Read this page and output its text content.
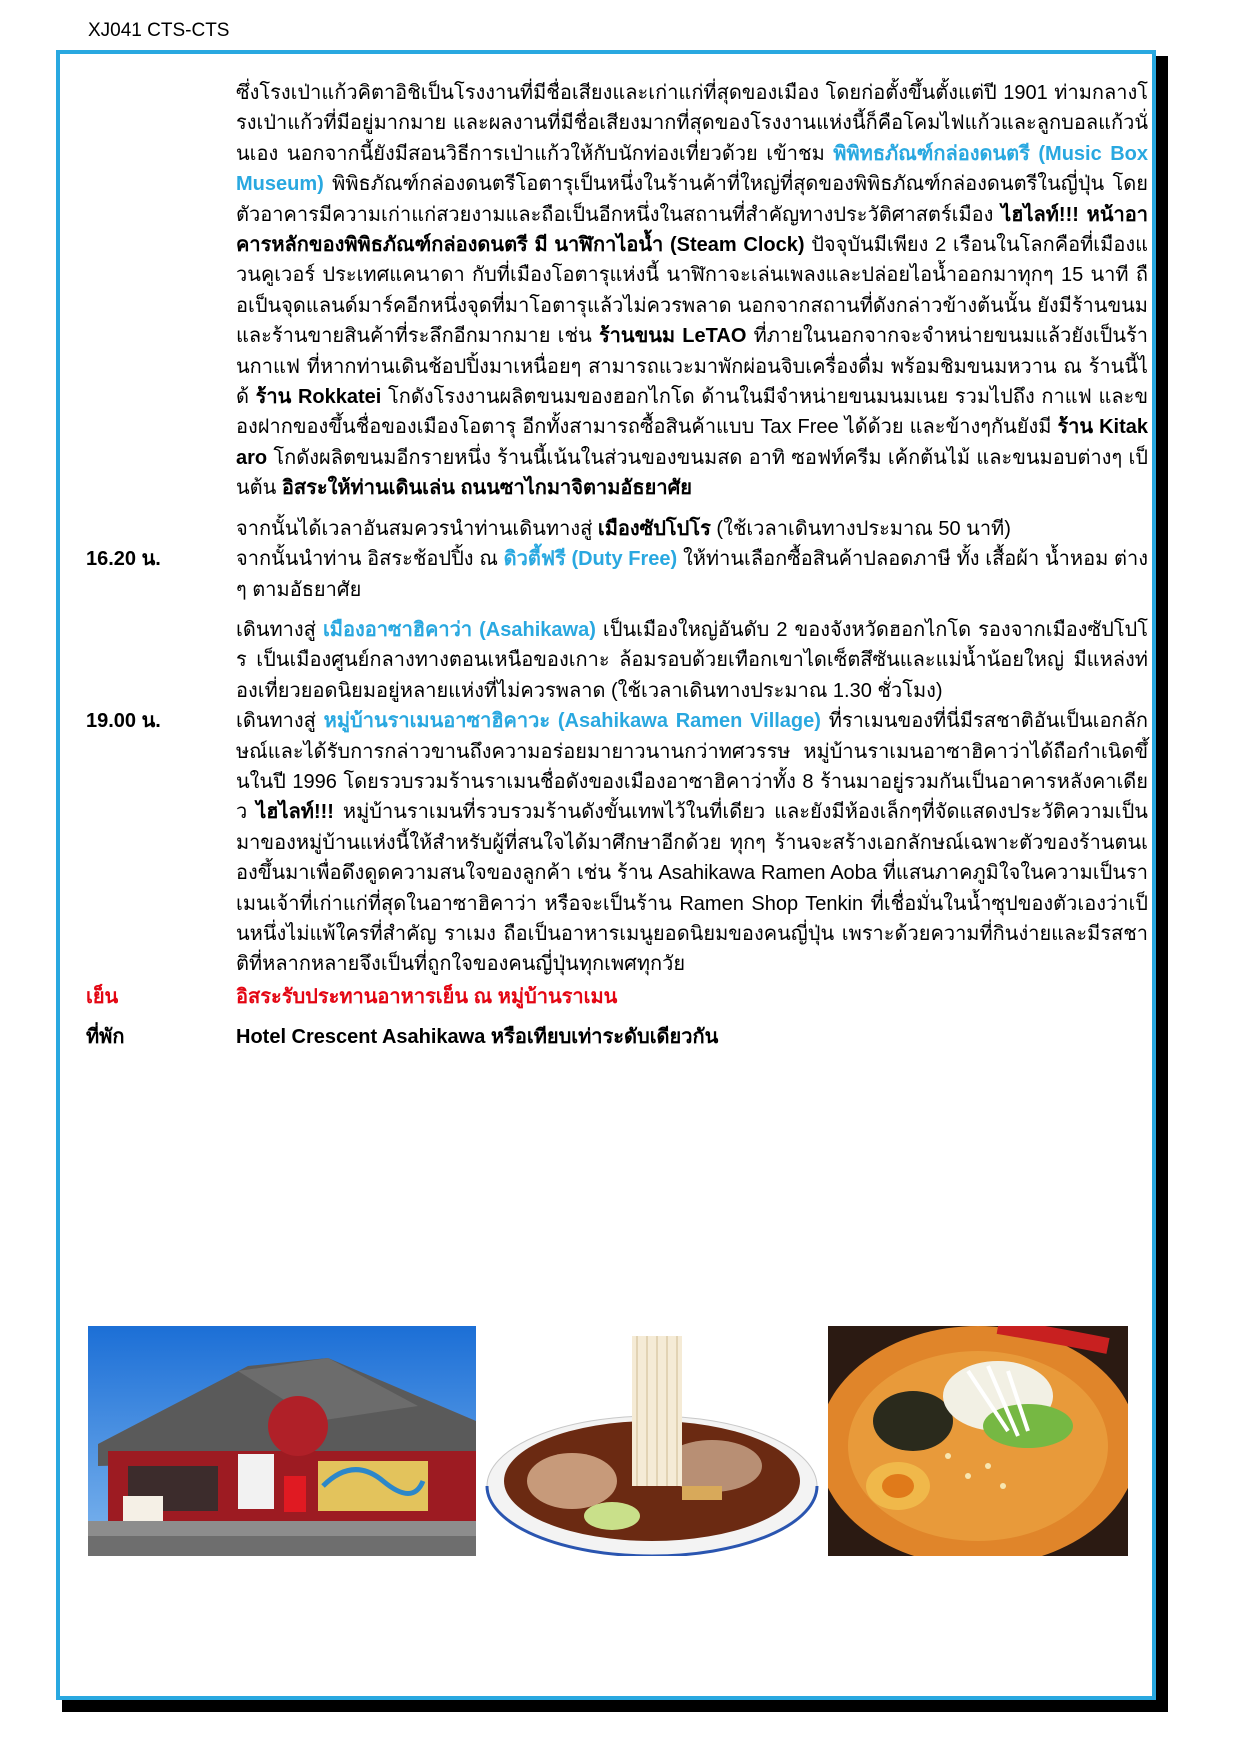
XJ041 CTS-CTS
ซึ่งโรงเป่าแก้วคิตาอิชิเป็นโรงงานที่มีชื่อเสียงและเก่าแก่ที่สุดของเมือง โดยก่อตั้งขึ้นตั้งแต่ปี 1901 ท่ามกลางโรงเป่าแก้วที่มีอยู่มากมาย และผลงานที่มีชื่อเสียงมากที่สุดของโรงงานแห่งนี้ก็คือโคมไฟแก้วและลูกบอลแก้วนั่นเอง นอกจากนี้ยังมีสอนวิธีการเป่าแก้วให้กับนักท่องเที่ยวด้วย เข้าชม พิพิทธภัณฑ์กล่องดนตรี (Music Box Museum) พิพิธภัณฑ์กล่องดนตรีโอตารุเป็นหนึ่งในร้านค้าที่ใหญ่ที่สุดของพิพิธภัณฑ์กล่องดนตรีในญี่ปุ่น โดยตัวอาคารมีความเก่าแก่สวยงามและถือเป็นอีกหนึ่งในสถานที่สำคัญทางประวัติศาสตร์เมือง ไฮไลท์!!! หน้าอาคารหลักของพิพิธภัณฑ์กล่องดนตรี มี นาฬิกาไอน้ำ (Steam Clock) ปัจจุบันมีเพียง 2 เรือนในโลกคือที่เมืองแวนคูเวอร์ ประเทศแคนาดา กับที่เมืองโอตารุแห่งนี้ นาฬิกาจะเล่นเพลงและปล่อยไอน้ำออกมาทุกๆ 15 นาที ถือเป็นจุดแลนด์มาร์คอีกหนึ่งจุดที่มาโอตารุแล้วไม่ควรพลาด นอกจากสถานที่ดังกล่าวข้างต้นนั้น ยังมีร้านขนมและร้านขายสินค้าที่ระลึกอีกมากมาย เช่น ร้านขนม LeTAO ที่ภายในนอกจากจะจำหน่ายขนมแล้วยังเป็นร้านกาแฟ ที่หากท่านเดินช้อปปิ้งมาเหนื่อยๆ สามารถแวะมาพักผ่อนจิบเครื่องดื่ม พร้อมชิมขนมหวาน ณ ร้านนี้ได้ ร้าน Rokkatei โกดังโรงงานผลิตขนมของฮอกไกโด ด้านในมีจำหน่ายขนมนมเนย รวมไปถึง กาแฟ และของฝากของขึ้นชื่อของเมืองโอตารุ อีกทั้งสามารถซื้อสินค้าแบบ Tax Free ได้ด้วย และข้างๆกันยังมี ร้าน Kitakaro โกดังผลิตขนมอีกรายหนึ่ง ร้านนี้เน้นในส่วนของขนมสด อาทิ ซอฟท์ครีม เค้กต้นไม้ และขนมอบต่างๆ เป็นต้น อิสระให้ท่านเดินเล่น ถนนซาไกมาจิตามอัธยาศัย
จากนั้นได้เวลาอันสมควรนำท่านเดินทางสู่ เมืองซัปโปโร (ใช้เวลาเดินทางประมาณ 50 นาที)
16.20 น.	จากนั้นนำท่าน อิสระช้อปปิ้ง ณ ดิวตี้ฟรี (Duty Free) ให้ท่านเลือกซื้อสินค้าปลอดภาษี ทั้ง เสื้อผ้า น้ำหอม ต่างๆ ตามอัธยาศัย
เดินทางสู่ เมืองอาซาฮิคาว่า (Asahikawa) เป็นเมืองใหญ่อันดับ 2 ของจังหวัดฮอกไกโด รองจากเมืองซัปโปโร เป็นเมืองศูนย์กลางทางตอนเหนือของเกาะ ล้อมรอบด้วยเทือกเขาไดเซ็ตสึซันและแม่น้ำน้อยใหญ่ มีแหล่งท่องเที่ยวยอดนิยมอยู่หลายแห่งที่ไม่ควรพลาด (ใช้เวลาเดินทางประมาณ 1.30 ชั่วโมง)
19.00 น.	เดินทางสู่ หมู่บ้านราเมนอาซาฮิคาวะ (Asahikawa Ramen Village) ที่ราเมนของที่นี่มีรสชาติอันเป็นเอกลักษณ์และได้รับการกล่าวขานถึงความอร่อยมายาวนานกว่าทศวรรษ หมู่บ้านราเมนอาซาฮิคาว่าได้ถือกำเนิดขึ้นในปี 1996 โดยรวบรวมร้านราเมนชื่อดังของเมืองอาซาฮิคาว่าทั้ง 8 ร้านมาอยู่รวมกันเป็นอาคารหลังคาเดียว ไฮไลท์!!! หมู่บ้านราเมนที่รวบรวมร้านดังขั้นเทพไว้ในที่เดียว และยังมีห้องเล็กๆที่จัดแสดงประวัติความเป็นมาของหมู่บ้านแห่งนี้ให้สำหรับผู้ที่สนใจได้มาศึกษาอีกด้วย ทุกๆ ร้านจะสร้างเอกลักษณ์เฉพาะตัวของร้านตนเองขึ้นมาเพื่อดึงดูดความสนใจของลูกค้า เช่น ร้าน Asahikawa Ramen Aoba ที่แสนภาคภูมิใจในความเป็นราเมนเจ้าที่เก่าแก่ที่สุดในอาซาฮิคาว่า หรือจะเป็นร้าน Ramen Shop Tenkin ที่เชื่อมั่นในน้ำซุปของตัวเองว่าเป็นหนึ่งไม่แพ้ใครที่สำคัญ ราเมง ถือเป็นอาหารเมนูยอดนิยมของคนญี่ปุ่น เพราะด้วยความที่กินง่ายและมีรสชาติที่หลากหลายจึงเป็นที่ถูกใจของคนญี่ปุ่นทุกเพศทุกวัย
เย็น	อิสระรับประทานอาหารเย็น ณ หมู่บ้านราเมน
ที่พัก	Hotel Crescent Asahikawa หรือเทียบเท่าระดับเดียวกัน
